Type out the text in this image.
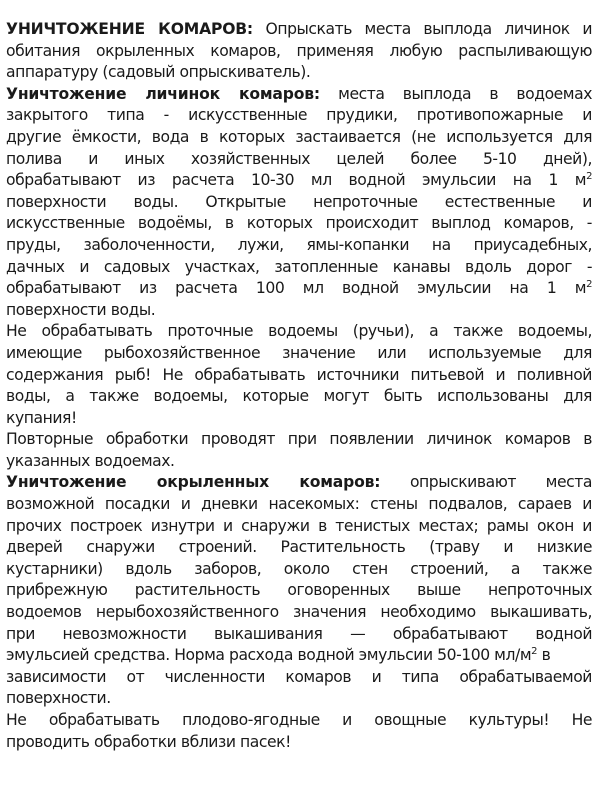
УНИЧТОЖЕНИЕ КОМАРОВ: Опрыскать места выплода личинок и
обитания окрыленных комаров, применяя любую распыливающую
аппаратуру (садовый опрыскиватель).
Уничтожение личинок комаров: места выплода в водоемах
закрытого типа - искусственные прудики, противопожарные и
другие ёмкости, вода в которых застаивается (не используется для
полива и иных хозяйственных целей более 5-10 дней),
обрабатывают из расчета 10-30 мл водной эмульсии на 1 $м^2$
поверхности воды. Открытые непроточные естественные и
искусственные водоёмы, в которых происходит выплод комаров, -
пруды, заболоченности, лужи, ямы-копанки на приусадебных,
дачных и садовых участках, затопленные канавы вдоль дорог -
обрабатывают из расчета 100 мл водной эмульсии на 1 $м^2$
поверхности воды.
Не обрабатывать проточные водоемы (ручьи), а также водоемы,
имеющие рыбохозяйственное значение или используемые для
содержания рыб! Не обрабатывать источники питьевой и поливной
воды, а также водоемы, которые могут быть использованы для
купания!
Повторные обработки проводят при появлении личинок комаров в
указанных водоемах.
Уничтожение окрыленных комаров: опрыскивают места
возможной посадки и дневки насекомых: стены подвалов, сараев и
прочих построек изнутри и снаружи в тенистых местах; рамы окон и
дверей снаружи строений. Растительность (траву и низкие
кустарники) вдоль заборов, около стен строений, а также
прибрежную растительность оговоренных выше непроточных
водоемов нерыбохозяйственного значения необходимо выкашивать,
при невозможности выкашивания — обрабатывают водной
эмульсией средства. Норма расхода водной эмульсии 50-100 $мл/м^2$ в
зависимости от численности комаров и типа обрабатываемой
поверхности.
Не обрабатывать плодово-ягодные и овощные культуры! Не
проводить обработки вблизи пасек!
